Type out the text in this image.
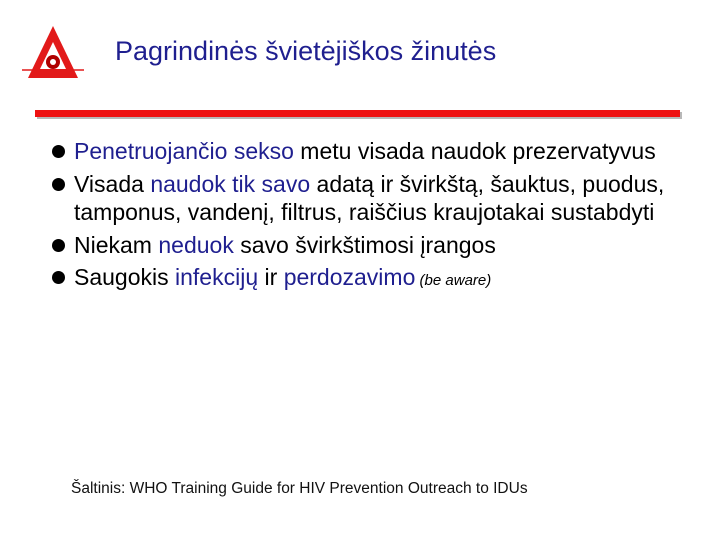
Pagrindinės švietėjiškos žinutės
Penetruojančio sekso metu visada naudok prezervatyvus
Visada naudok tik savo adatą ir švirkštą, šauktus, puodus, tamponus, vandenį, filtrus, raiščius kraujotakai sustabdyti
Niekam neduok savo švirkštimosi įrangos
Saugokis infekcijų ir perdozavimo (be aware)
Šaltinis: WHO Training Guide for HIV Prevention Outreach to IDUs
